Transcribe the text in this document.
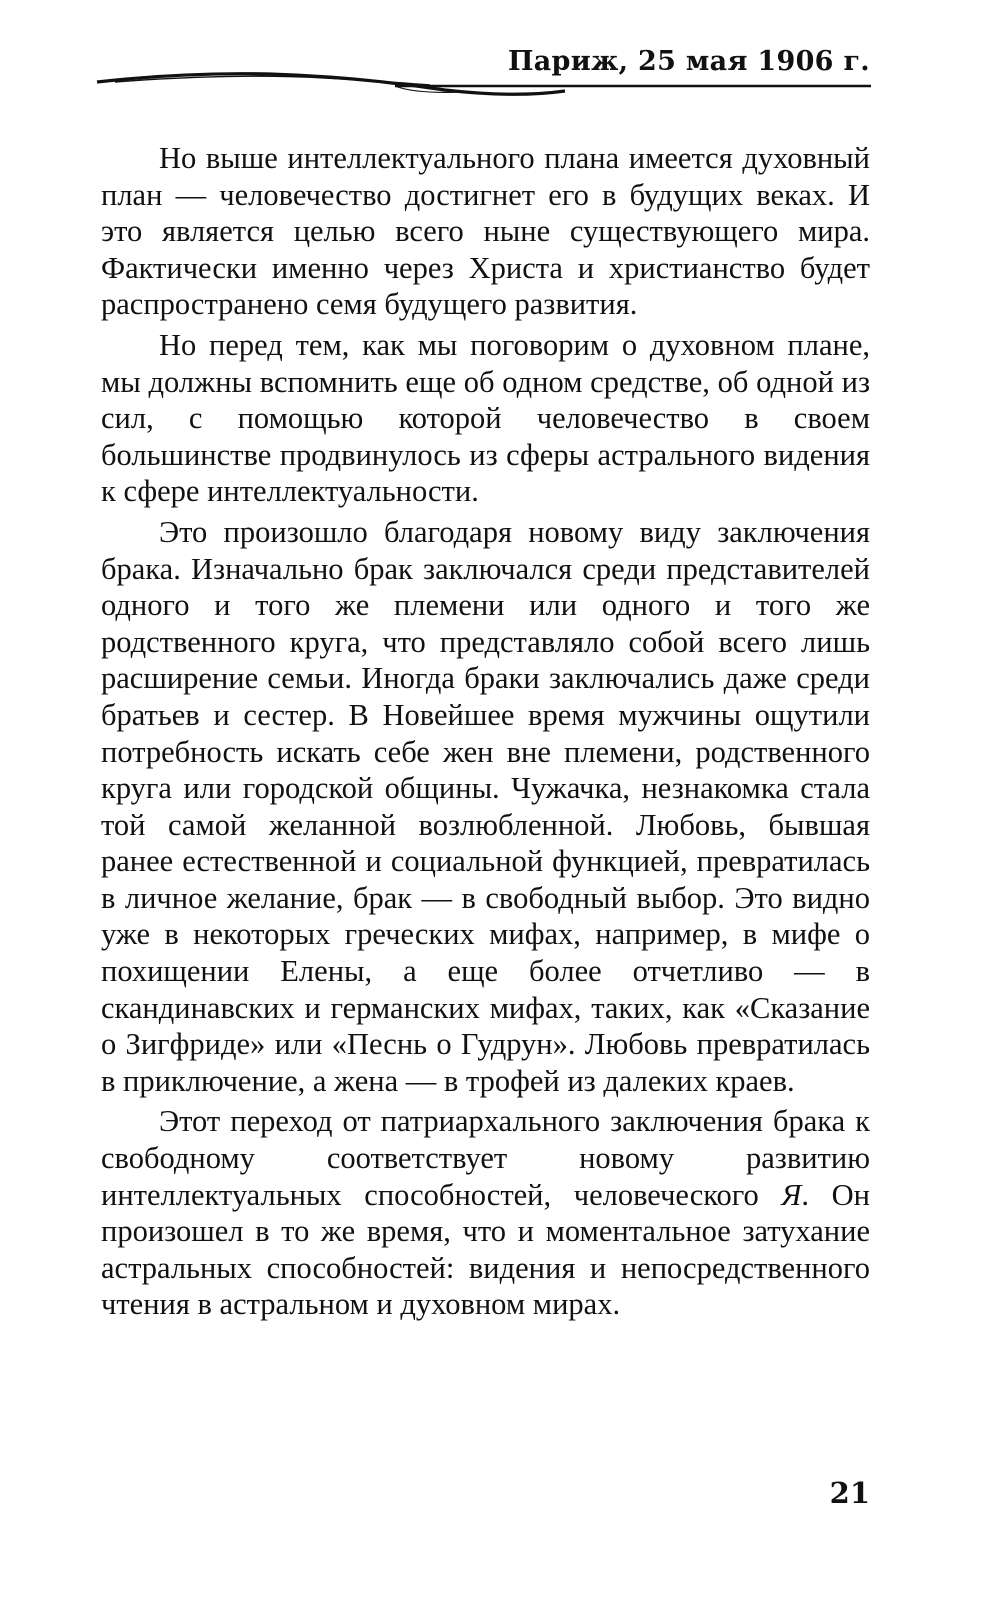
Париж, 25 мая 1906 г.

Но выше интеллектуального плана имеется духовный план — человечество достигнет его в будущих веках. И это является целью всего ныне существующего мира. Фактически именно через Христа и христианство будет распространено семя будущего развития.

Но перед тем, как мы поговорим о духовном плане, мы должны вспомнить еще об одном средстве, об одной из сил, с помощью которой человечество в своем большинстве продвинулось из сферы астрального видения к сфере интеллектуальности.

Это произошло благодаря новому виду заключения брака. Изначально брак заключался среди представителей одного и того же племени или одного и того же родственного круга, что представляло собой всего лишь расширение семьи. Иногда браки заключались даже среди братьев и сестер. В Новейшее время мужчины ощутили потребность искать себе жен вне племени, родственного круга или городской общины. Чужачка, незнакомка стала той самой желанной возлюбленной. Любовь, бывшая ранее естественной и социальной функцией, превратилась в личное желание, брак — в свободный выбор. Это видно уже в некоторых греческих мифах, например, в мифе о похищении Елены, а еще более отчетливо — в скандинавских и германских мифах, таких, как «Сказание о Зигфриде» или «Песнь о Гудрун». Любовь превратилась в приключение, а жена — в трофей из далеких краев.

Этот переход от патриархального заключения брака к свободному соответствует новому развитию интеллектуальных способностей, человеческого Я. Он произошел в то же время, что и моментальное затухание астральных способностей: видения и непосредственного чтения в астральном и духовном мирах.

21
